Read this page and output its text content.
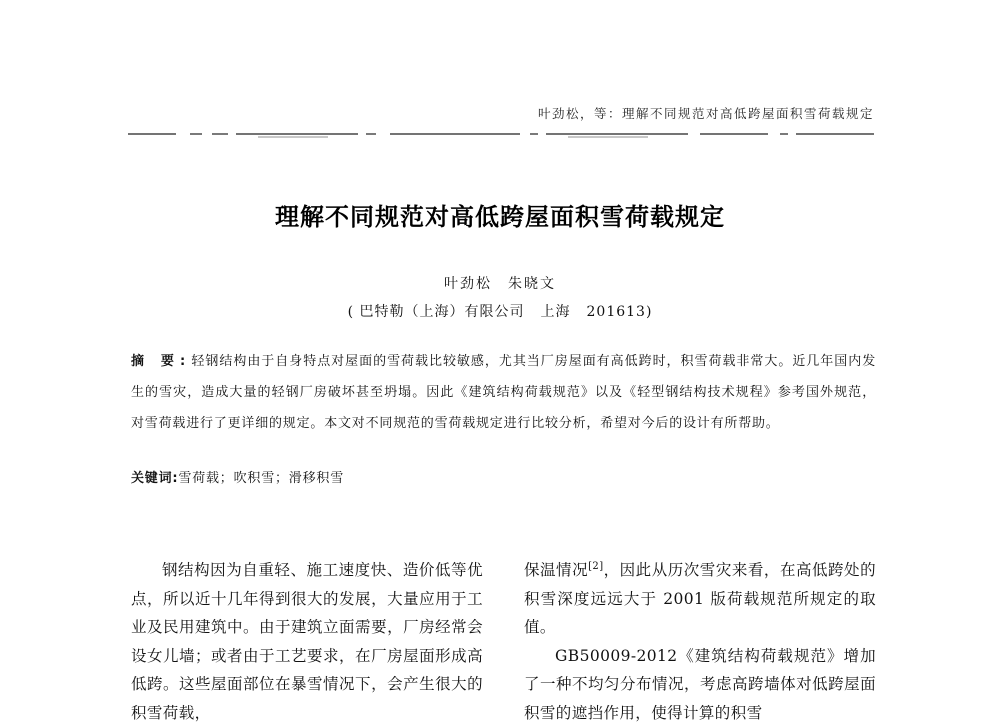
叶劲松，等：理解不同规范对高低跨屋面积雪荷载规定
理解不同规范对高低跨屋面积雪荷载规定
叶劲松 朱晓文
( 巴特勒（上海）有限公司 上海 201613)
摘 要:轻钢结构由于自身特点对屋面的雪荷载比较敏感，尤其当厂房屋面有高低跨时，积雪荷载非常大。近几年国内发生的雪灾，造成大量的轻钢厂房破坏甚至坍塌。因此《建筑结构荷载规范》以及《轻型钢结构技术规程》参考国外规范，对雪荷载进行了更详细的规定。本文对不同规范的雪荷载规定进行比较分析，希望对今后的设计有所帮助。
关键词:雪荷载；吹积雪；滑移积雪

钢结构因为自重轻、施工速度快、造价低等优点，所以近十几年得到很大的发展，大量应用于工业及民用建筑中。由于建筑立面需要，厂房经常会设女儿墙；或者由于工艺要求，在厂房屋面形成高低跨。这些屋面部位在暴雪情况下，会产生很大的积雪荷载，

保温情况[2]，因此从历次雪灾来看，在高低跨处的积雪深度远远大于 2001 版荷载规范所规定的取值。

GB50009-2012《建筑结构荷载规范》增加了一种不均匀分布情况，考虑高跨墙体对低跨屋面积雪的遮挡作用，使得计算的积雪
